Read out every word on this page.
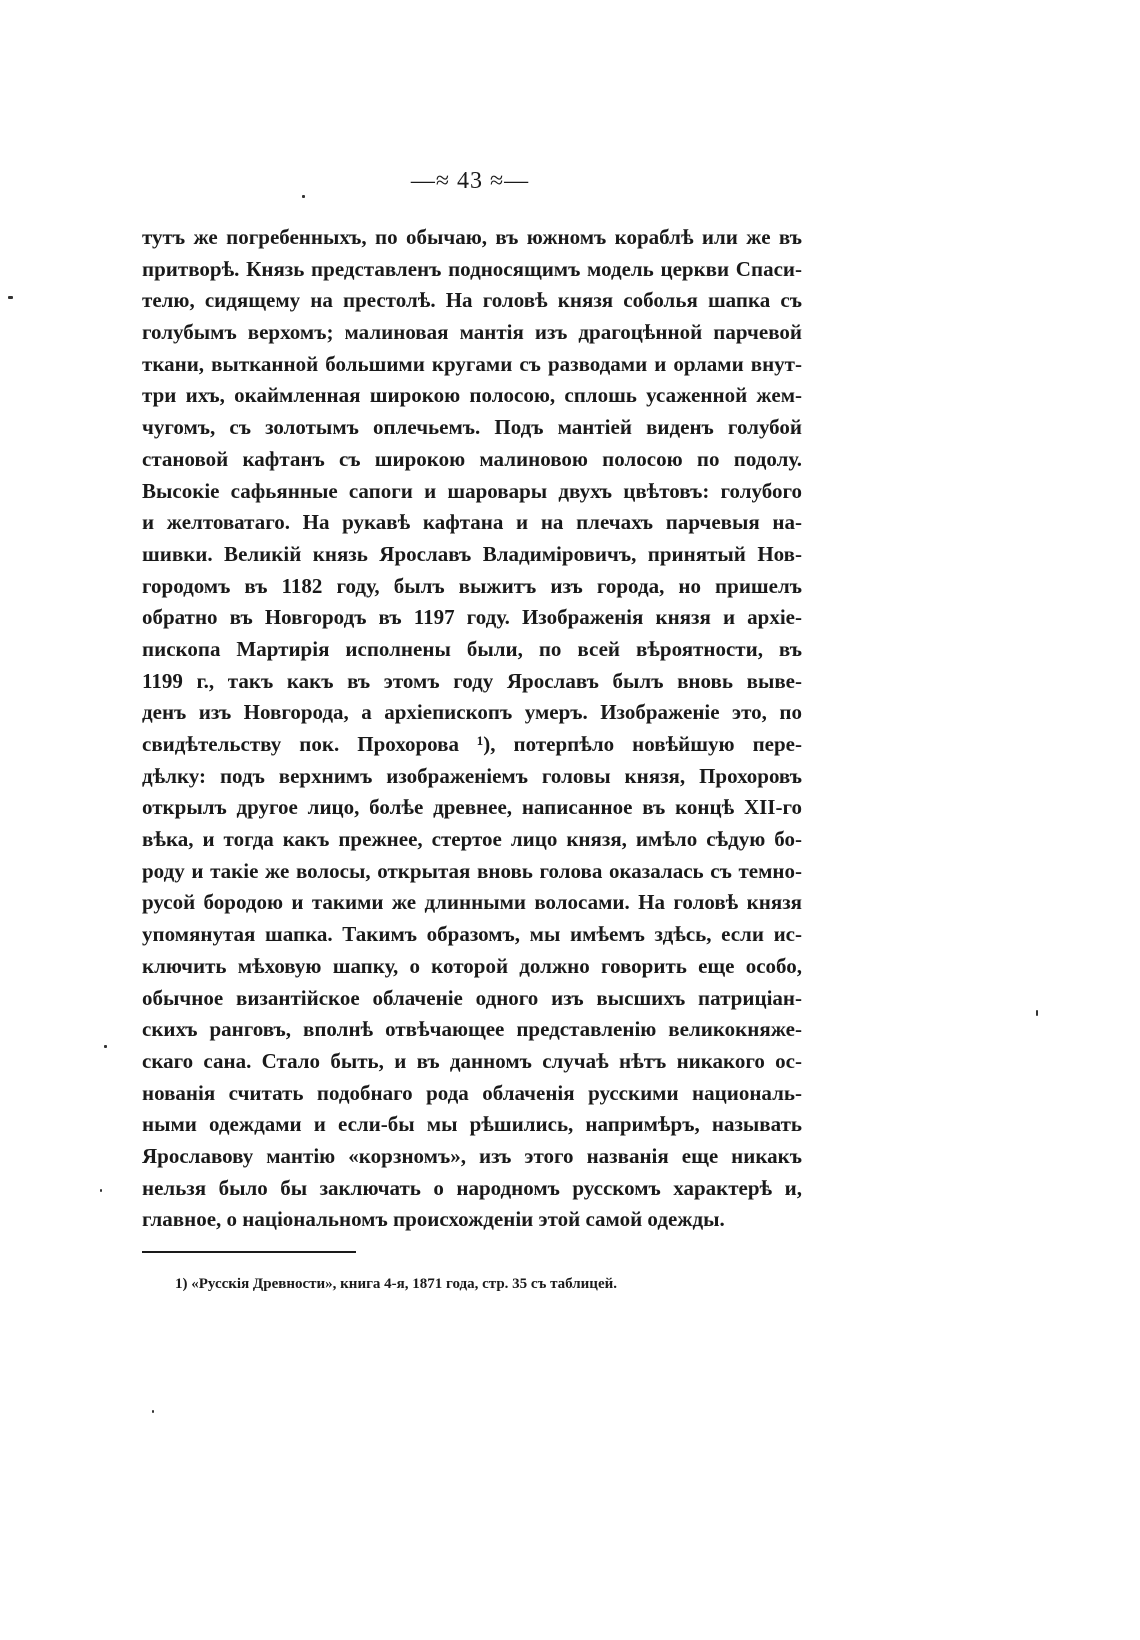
—≈ 43 ≈—
тутъ же погребенныхъ, по обычаю, въ южномъ кораблѣ или же въ
притворѣ. Князь представленъ подносящимъ модель церкви Спаси-
телю, сидящему на престолѣ. На головѣ князя соболья шапка съ
голубымъ верхомъ; малиновая мантія изъ драгоцѣнной парчевой
ткани, вытканной большими кругами съ разводами и орлами внут-
три ихъ, окаймленная широкою полосою, сплошь усаженной жем-
чугомъ, съ золотымъ оплечьемъ. Подъ мантіей виденъ голубой
становой кафтанъ съ широкою малиновою полосою по подолу.
Высокіе сафьянные сапоги и шаровары двухъ цвѣтовъ: голубого
и желтоватаго. На рукавѣ кафтана и на плечахъ парчевыя на-
шивки. Великій князь Ярославъ Владиміровичъ, принятый Нов-
городомъ въ 1182 году, былъ выжитъ изъ города, но пришелъ
обратно въ Новгородъ въ 1197 году. Изображенія князя и архіе-
пископа Мартирія исполнены были, по всей вѣроятности, въ
1199 г., такъ какъ въ этомъ году Ярославъ былъ вновь выве-
денъ изъ Новгорода, а архіепископъ умеръ. Изображеніе это, по
свидѣтельству пок. Прохорова ¹), потерпѣло новѣйшую пере-
дѣлку: подъ верхнимъ изображеніемъ головы князя, Прохоровъ
открылъ другое лицо, болѣе древнее, написанное въ концѣ XII-го
вѣка, и тогда какъ прежнее, стертое лицо князя, имѣло сѣдую бо-
роду и такіе же волосы, открытая вновь голова оказалась съ темно-
русой бородою и такими же длинными волосами. На головѣ князя
упомянутая шапка. Такимъ образомъ, мы имѣемъ здѣсь, если ис-
ключить мѣховую шапку, о которой должно говорить еще особо,
обычное византійское облаченіе одного изъ высшихъ патриціан-
скихъ ранговъ, вполнѣ отвѣчающее представленію великокняже-
скаго сана. Стало быть, и въ данномъ случаѣ нѣтъ никакого ос-
нованія считать подобнаго рода облаченія русскими националь-
ными одеждами и если-бы мы рѣшились, напримѣръ, называть
Ярославову мантію «корзномъ», изъ этого названія еще никакъ
нельзя было бы заключать о народномъ русскомъ характерѣ и,
главное, о національномъ происхожденіи этой самой одежды.
1) «Русскія Древности», книга 4-я, 1871 года, стр. 35 съ таблицей.
